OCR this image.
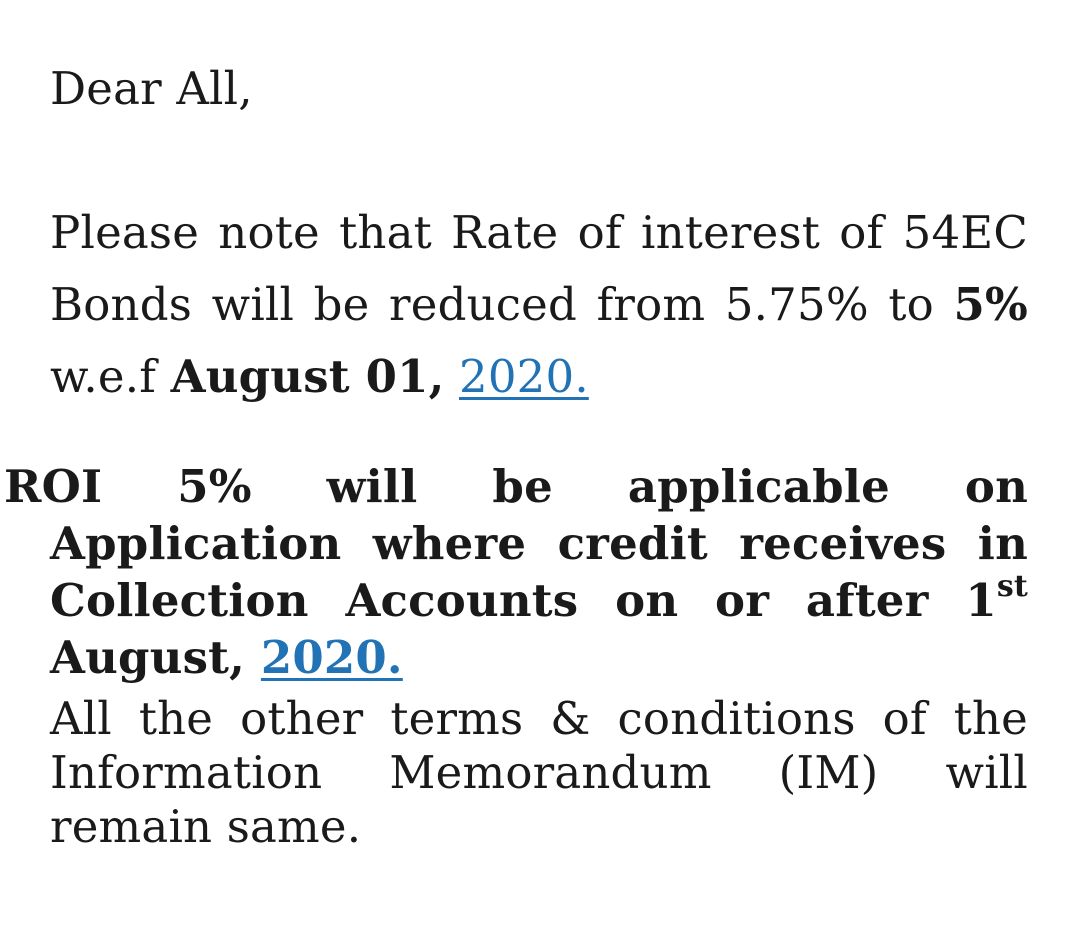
Dear All,
Please note that Rate of interest of 54EC Bonds will be reduced from 5.75% to 5% w.e.f August 01, 2020.
ROI 5% will be applicable on Application where credit receives in Collection Accounts on or after 1st August, 2020.
All the other terms & conditions of the Information Memorandum (IM) will remain same.
